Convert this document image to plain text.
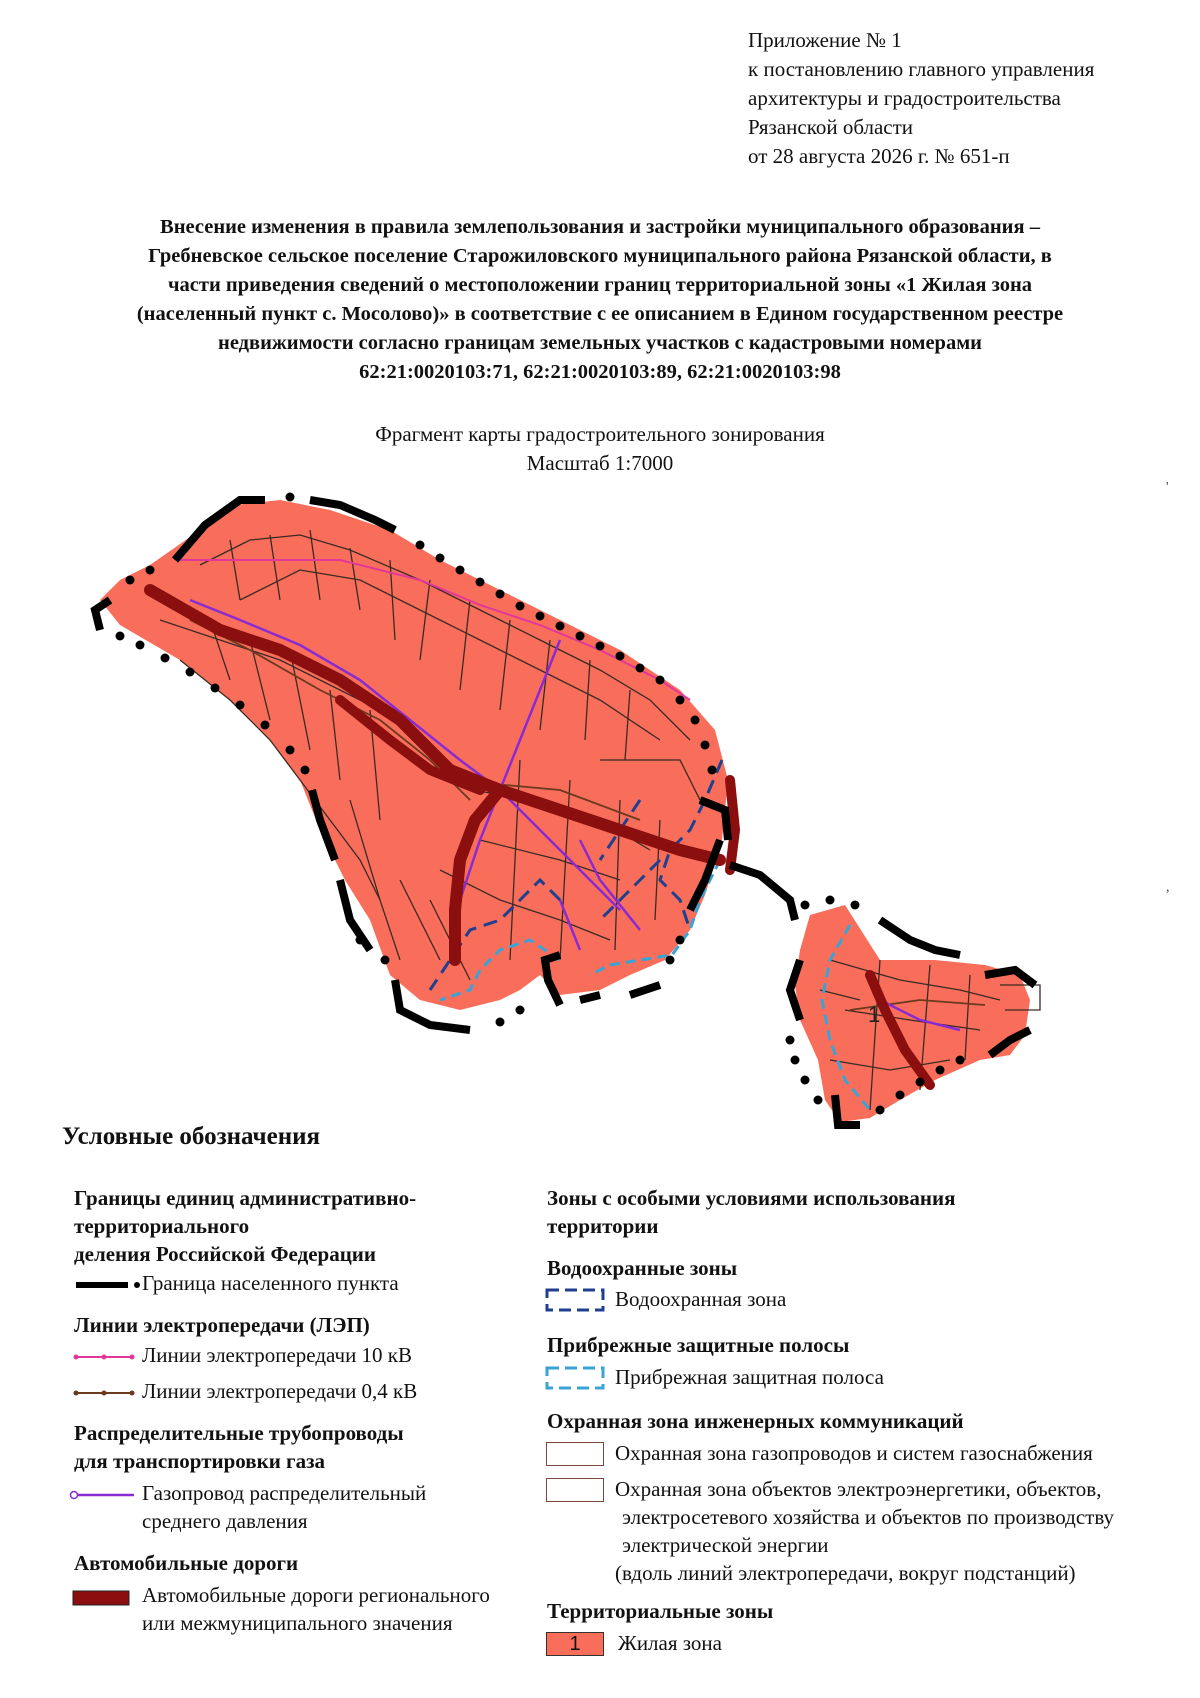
Приложение № 1
к постановлению главного управления
архитектуры и градостроительства
Рязанской области
от 28 августа 2026 г. № 651-п
Внесение изменения в правила землепользования и застройки муниципального образования –
Гребневское сельское поселение Старожиловского муниципального района Рязанской области, в
части приведения сведений о местоположении границ территориальной зоны «1 Жилая зона
(населенный пункт с. Мосолово)» в соответствие с ее описанием в Едином государственном реестре
недвижимости согласно границам земельных участков с кадастровыми номерами
62:21:0020103:71, 62:21:0020103:89, 62:21:0020103:98
Фрагмент карты градостроительного зонирования
Масштаб 1:7000
'
,
1
Условные обозначения
Границы единиц административно-
территориального
деления Российской Федерации
Граница населенного пункта
Линии электропередачи (ЛЭП)
Линии электропередачи 10 кВ
Линии электропередачи 0,4 кВ
Распределительные трубопроводы
для транспортировки газа
Газопровод распределительный
среднего давления
Автомобильные дороги
Автомобильные дороги регионального
или межмуниципального значения
Зоны с особыми условиями использования
территории
Водоохранные зоны
Водоохранная зона
Прибрежные защитные полосы
Прибрежная защитная полоса
Охранная зона инженерных коммуникаций
Охранная зона газопроводов и систем газоснабжения
Охранная зона объектов электроэнергетики, объектов,
электросетевого хозяйства и объектов по производству
электрической энергии
(вдоль линий электропередачи, вокруг подстанций)
Территориальные зоны
1	Жилая зона
